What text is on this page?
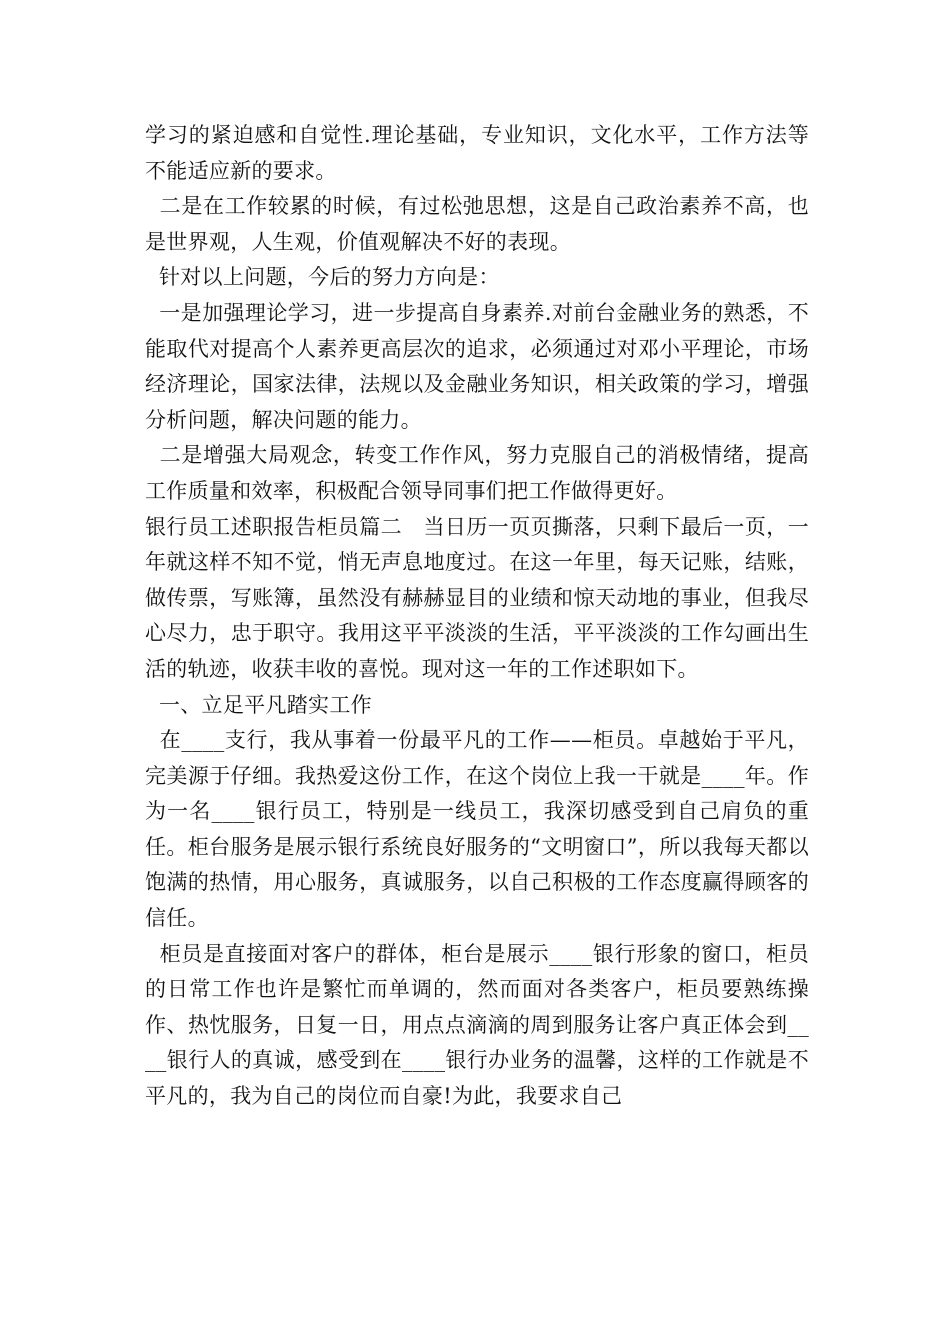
学习的紧迫感和自觉性.理论基础，专业知识，文化水平，工作方法等不能适应新的要求。

二是在工作较累的时候，有过松弛思想，这是自己政治素养不高，也是世界观，人生观，价值观解决不好的表现。

针对以上问题，今后的努力方向是：

一是加强理论学习，进一步提高自身素养.对前台金融业务的熟悉，不能取代对提高个人素养更高层次的追求，必须通过对邓小平理论，市场经济理论，国家法律，法规以及金融业务知识，相关政策的学习，增强分析问题，解决问题的能力。

二是增强大局观念，转变工作作风，努力克服自己的消极情绪，提高工作质量和效率，积极配合领导同事们把工作做得更好。

银行员工述职报告柜员篇二　当日历一页页撕落，只剩下最后一页，一年就这样不知不觉，悄无声息地度过。在这一年里，每天记账，结账，做传票，写账簿，虽然没有赫赫显目的业绩和惊天动地的事业，但我尽心尽力，忠于职守。我用这平平淡淡的生活，平平淡淡的工作勾画出生活的轨迹，收获丰收的喜悦。现对这一年的工作述职如下。

一、立足平凡踏实工作

在____支行，我从事着一份最平凡的工作——柜员。卓越始于平凡，完美源于仔细。我热爱这份工作，在这个岗位上我一干就是____年。作为一名____银行员工，特别是一线员工，我深切感受到自己肩负的重任。柜台服务是展示银行系统良好服务的“文明窗口”，所以我每天都以饱满的热情，用心服务，真诚服务，以自己积极的工作态度赢得顾客的信任。

柜员是直接面对客户的群体，柜台是展示____银行形象的窗口，柜员的日常工作也许是繁忙而单调的，然而面对各类客户，柜员要熟练操作、热忱服务，日复一日，用点点滴滴的周到服务让客户真正体会到____银行人的真诚，感受到在____银行办业务的温馨，这样的工作就是不平凡的，我为自己的岗位而自豪!为此，我要求自己
